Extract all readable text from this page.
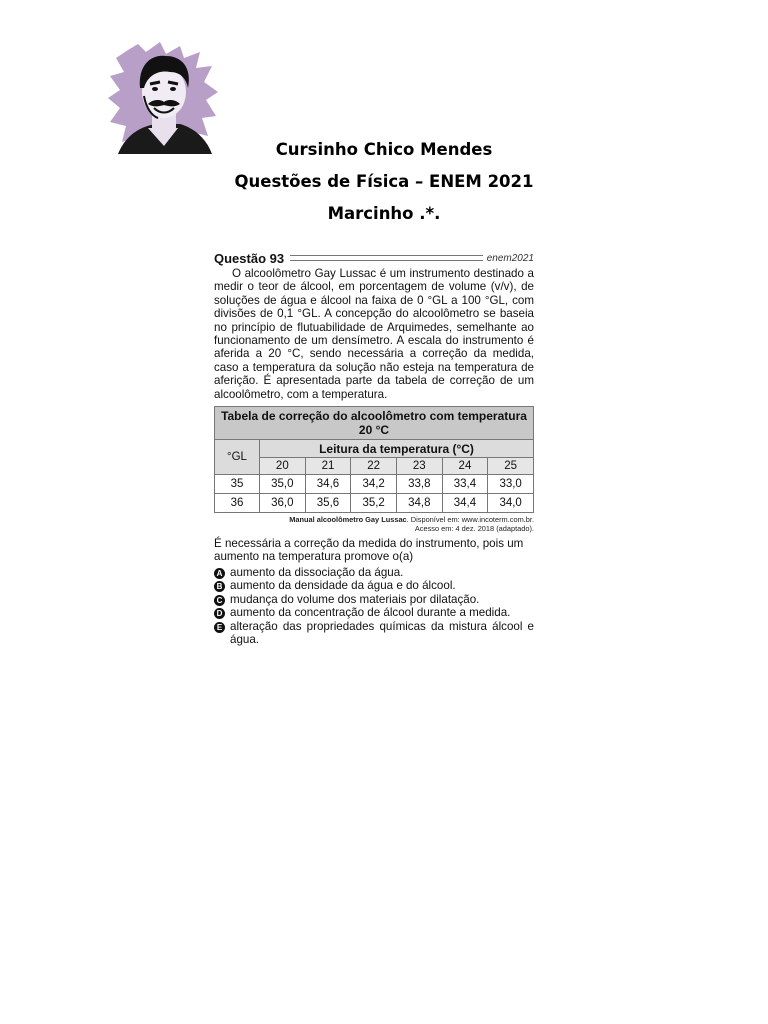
Cursinho Chico Mendes
Questões de Física – ENEM 2021
Marcinho .*.
Questão 93	enem2021
O alcoolômetro Gay Lussac é um instrumento destinado a medir o teor de álcool, em porcentagem de volume (v/v), de soluções de água e álcool na faixa de 0 °GL a 100 °GL, com divisões de 0,1 °GL. A concepção do alcoolômetro se baseia no princípio de flutuabilidade de Arquimedes, semelhante ao funcionamento de um densímetro. A escala do instrumento é aferida a 20 °C, sendo necessária a correção da medida, caso a temperatura da solução não esteja na temperatura de aferição. É apresentada parte da tabela de correção de um alcoolômetro, com a temperatura.
Tabela de correção do alcoolômetro com temperatura 20 °C						
°GL	Leitura da temperatura (°C)					
	20	21	22	23	24	25
35	35,0	34,6	34,2	33,8	33,4	33,0
36	36,0	35,6	35,2	34,8	34,4	34,0
Manual alcoolômetro Gay Lussac. Disponível em: www.incoterm.com.br.
Acesso em: 4 dez. 2018 (adaptado).
É necessária a correção da medida do instrumento, pois um aumento na temperatura promove o(a)
A aumento da dissociação da água.
B aumento da densidade da água e do álcool.
C mudança do volume dos materiais por dilatação.
D aumento da concentração de álcool durante a medida.
E alteração das propriedades químicas da mistura álcool e água.
